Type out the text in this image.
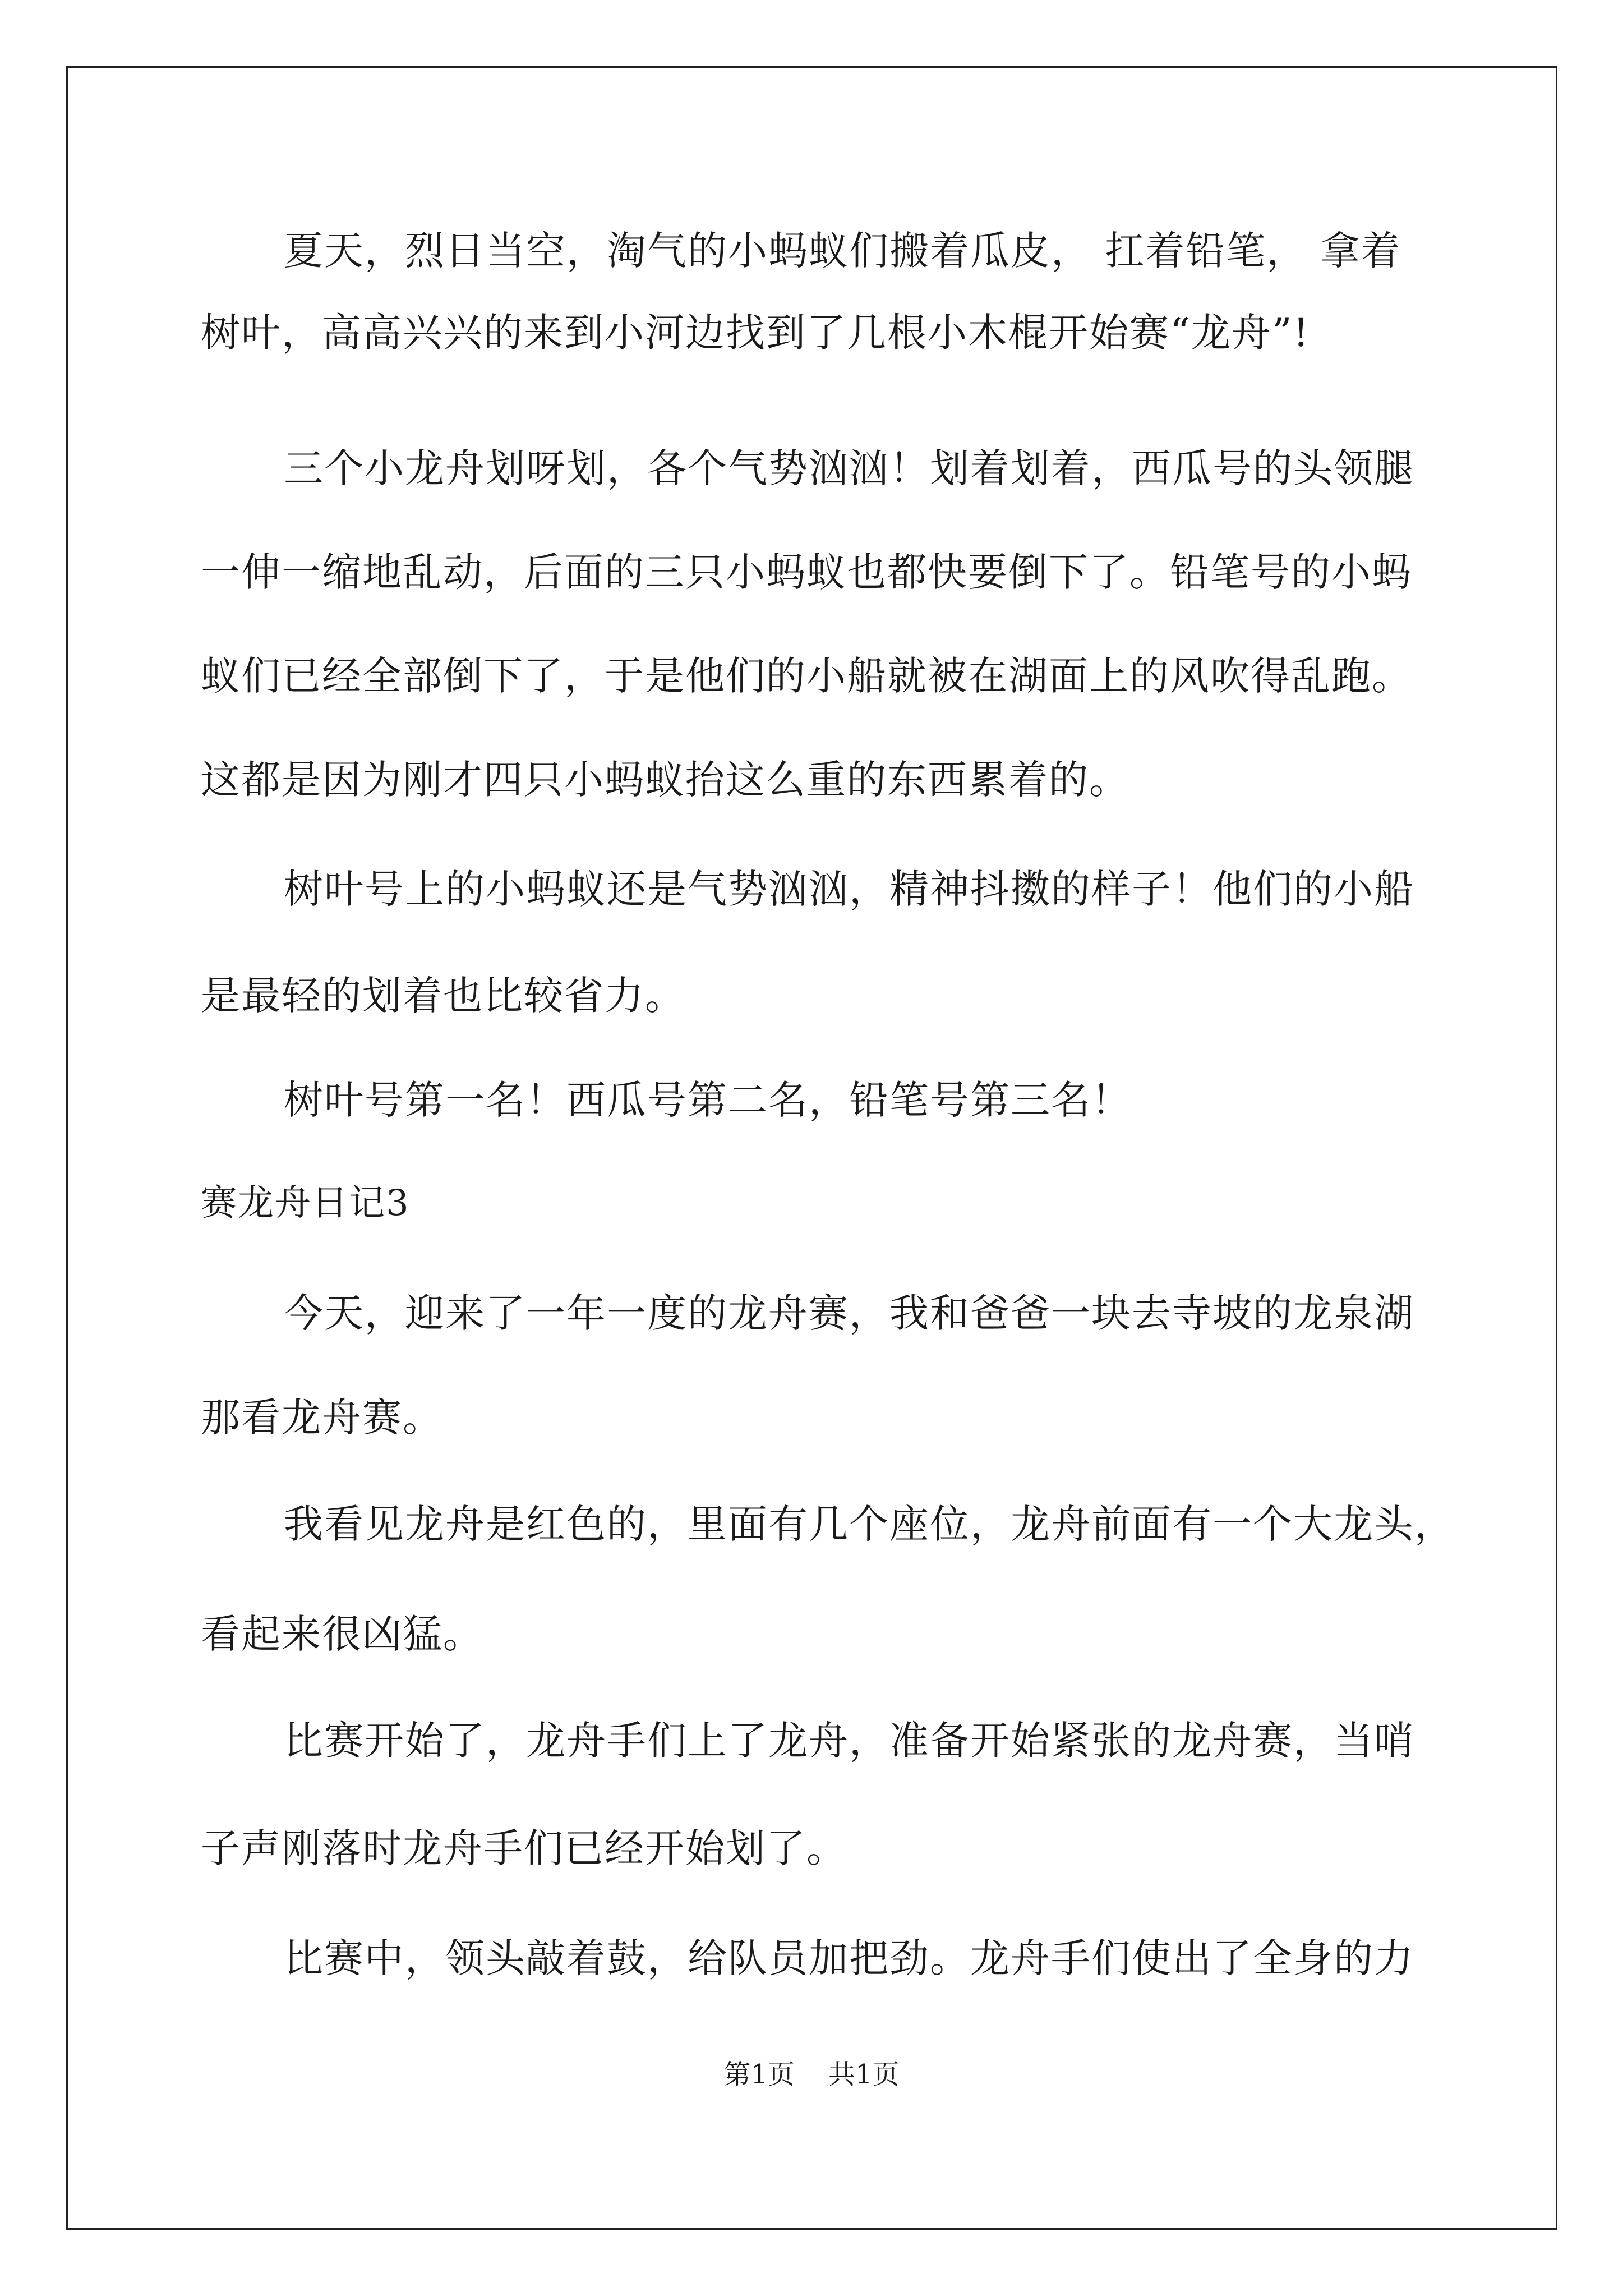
夏天，烈日当空，淘气的小蚂蚁们搬着瓜皮， 扛着铅笔， 拿着
树叶，高高兴兴的来到小河边找到了几根小木棍开始赛“龙舟”!
三个小龙舟划呀划，各个气势汹汹！划着划着，西瓜号的头领腿
一伸一缩地乱动，后面的三只小蚂蚁也都快要倒下了。铅笔号的小蚂
蚁们已经全部倒下了，于是他们的小船就被在湖面上的风吹得乱跑。
这都是因为刚才四只小蚂蚁抬这么重的东西累着的。
树叶号上的小蚂蚁还是气势汹汹，精神抖擞的样子！他们的小船
是最轻的划着也比较省力。
树叶号第一名！西瓜号第二名，铅笔号第三名！
赛龙舟日记3
今天，迎来了一年一度的龙舟赛，我和爸爸一块去寺坡的龙泉湖
那看龙舟赛。
我看见龙舟是红色的，里面有几个座位，龙舟前面有一个大龙头，
看起来很凶猛。
比赛开始了，龙舟手们上了龙舟，准备开始紧张的龙舟赛，当哨
子声刚落时龙舟手们已经开始划了。
比赛中，领头敲着鼓，给队员加把劲。龙舟手们使出了全身的力
第1页 共1页
